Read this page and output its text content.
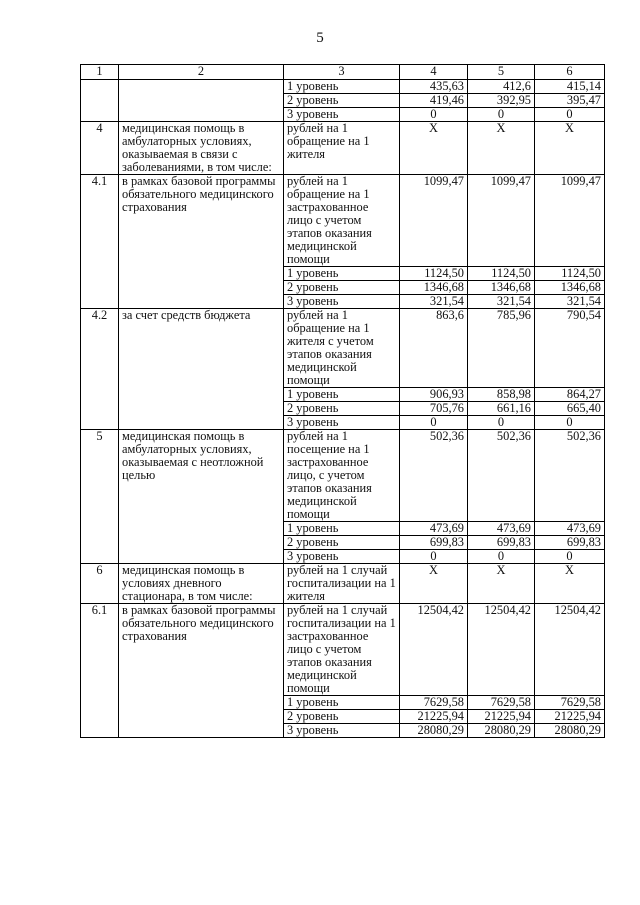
5
1	2	3	4	5	6
		1 уровень	435,63	412,6	415,14
		2 уровень	419,46	392,95	395,47
		3 уровень	0	0	0
4	медицинская помощь в амбулаторных условиях, оказываемая в связи с заболеваниями, в том числе:	рублей на 1 обращение на 1 жителя	X	X	X
4.1	в рамках базовой программы обязательного медицинского страхования	рублей на 1 обращение на 1 застрахованное лицо с учетом этапов оказания медицинской помощи	1099,47	1099,47	1099,47
		1 уровень	1124,50	1124,50	1124,50
		2 уровень	1346,68	1346,68	1346,68
		3 уровень	321,54	321,54	321,54
4.2	за счет средств бюджета	рублей на 1 обращение на 1 жителя с учетом этапов оказания медицинской помощи	863,6	785,96	790,54
		1 уровень	906,93	858,98	864,27
		2 уровень	705,76	661,16	665,40
		3 уровень	0	0	0
5	медицинская помощь в амбулаторных условиях, оказываемая с неотложной целью	рублей на 1 посещение на 1 застрахованное лицо, с учетом этапов оказания медицинской помощи	502,36	502,36	502,36
		1 уровень	473,69	473,69	473,69
		2 уровень	699,83	699,83	699,83
		3 уровень	0	0	0
6	медицинская помощь в условиях дневного стационара, в том числе:	рублей на 1 случай госпитализации на 1 жителя	X	X	X
6.1	в рамках базовой программы обязательного медицинского страхования	рублей на 1 случай госпитализации на 1 застрахованное лицо с учетом этапов оказания медицинской помощи	12504,42	12504,42	12504,42
		1 уровень	7629,58	7629,58	7629,58
		2 уровень	21225,94	21225,94	21225,94
		3 уровень	28080,29	28080,29	28080,29
